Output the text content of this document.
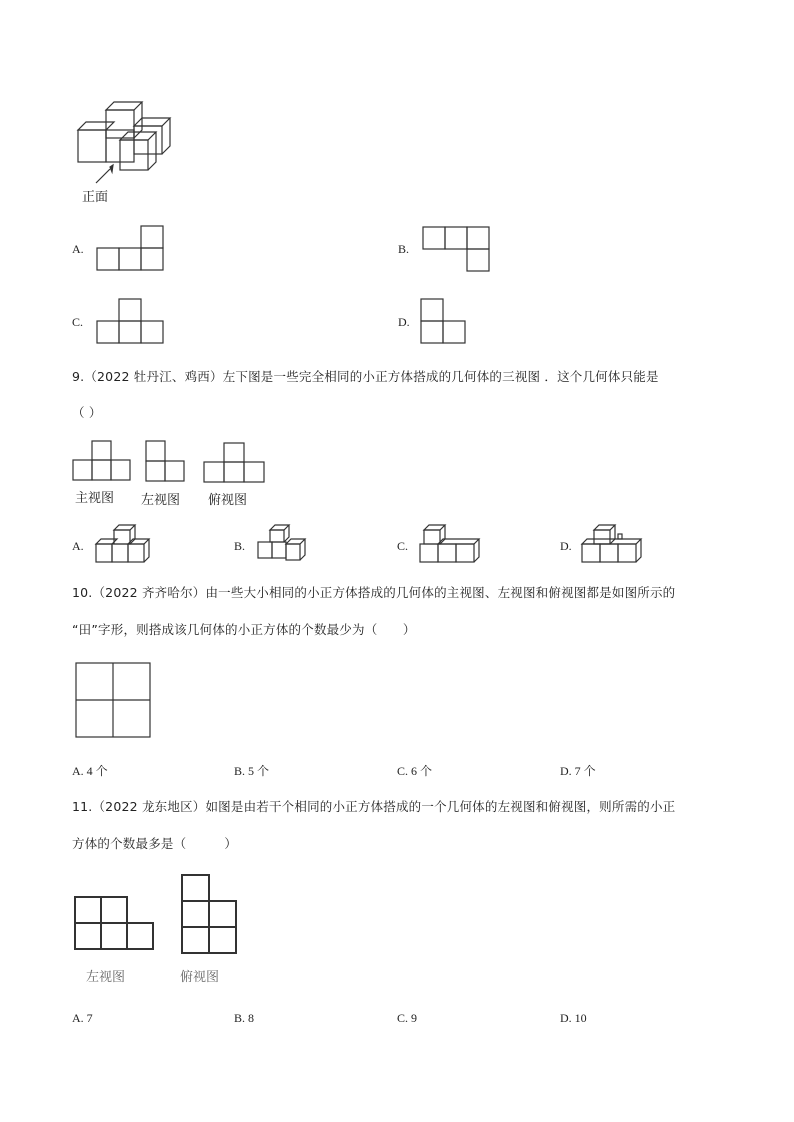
正面
A.	B.
C.	D.
9.（2022 牡丹江、鸡西）左下图是一些完全相同的小正方体搭成的几何体的三视图 ．这个几何体只能是
（ ）
主视图 左视图 俯视图
A.	B.	C.	D.
10.（2022 齐齐哈尔）由一些大小相同的小正方体搭成的几何体的主视图、左视图和俯视图都是如图所示的
“田”字形，则搭成该几何体的小正方体的个数最少为（　　）
A. 4 个	B. 5 个	C. 6 个	D. 7 个
11.（2022 龙东地区）如图是由若干个相同的小正方体搭成的一个几何体的左视图和俯视图，则所需的小正
方体的个数最多是（　　　）
左视图	俯视图
A. 7	B. 8	C. 9	D. 10
